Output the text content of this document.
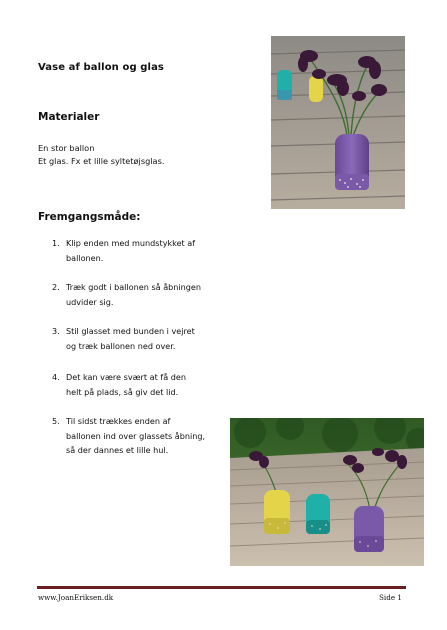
Vase af ballon og glas
Materialer
En stor ballon
Et glas. Fx et lille syltetøjsglas.
Fremgangsmåde:
1. Klip enden med mundstykket af
ballonen.
2. Træk godt i ballonen så åbningen
udvider sig.
3. Stil glasset med bunden i vejret
og træk ballonen ned over.
4. Det kan være svært at få den
helt på plads, så giv det lid.
5. Til sidst trækkes enden af
ballonen ind over glassets åbning,
så der dannes et lille hul.
www.JoanEriksen.dk	Side 1
